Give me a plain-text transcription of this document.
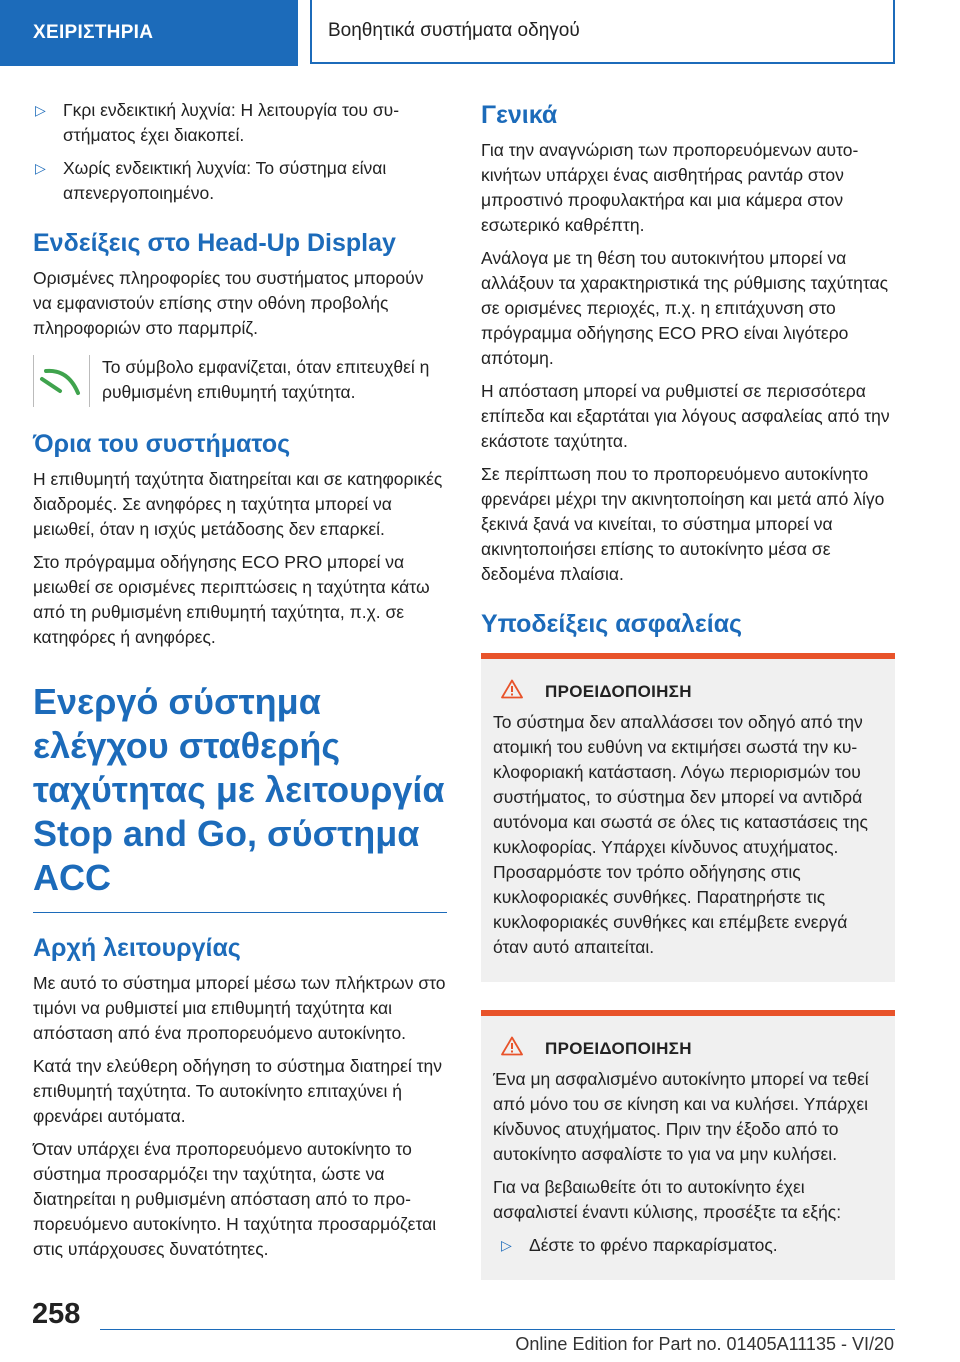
ΧΕΙΡΙΣΤΗΡΙΑ	Βοηθητικά συστήματα οδηγού
▷ Γκρι ενδεικτική λυχνία: Η λειτουργία του συστήματος έχει διακοπεί.
▷ Χωρίς ενδεικτική λυχνία: Το σύστημα είναι απενεργοποιημένο.
Ενδείξεις στο Head-Up Display

Ορισμένες πληροφορίες του συστήματος μπορούν να εμφανιστούν επίσης στην οθόνη προβολής πληροφοριών στο παρμπρίζ.

Το σύμβολο εμφανίζεται, όταν επιτευχθεί η ρυθμισμένη επιθυμητή ταχύτητα.
Όρια του συστήματος

Η επιθυμητή ταχύτητα διατηρείται και σε κατηφορικές διαδρομές. Σε ανηφόρες η ταχύτητα μπορεί να μειωθεί, όταν η ισχύς μετάδοσης δεν επαρκεί.

Στο πρόγραμμα οδήγησης ECO PRO μπορεί να μειωθεί σε ορισμένες περιπτώσεις η ταχύτητα κάτω από τη ρυθμισμένη επιθυμητή ταχύτητα, π.χ. σε κατηφόρες ή ανηφόρες.

Ενεργό σύστημα ελέγχου σταθερής ταχύτητας με λειτουργία Stop and Go, σύστημα ACC
Αρχή λειτουργίας

Με αυτό το σύστημα μπορεί μέσω των πλήκτρων στο τιμόνι να ρυθμιστεί μια επιθυμητή ταχύτητα και απόσταση από ένα προπορευόμενο αυτοκίνητο.

Κατά την ελεύθερη οδήγηση το σύστημα διατηρεί την επιθυμητή ταχύτητα. Το αυτοκίνητο επιταχύνει ή φρενάρει αυτόματα.

Όταν υπάρχει ένα προπορευόμενο αυτοκίνητο το σύστημα προσαρμόζει την ταχύτητα, ώστε να διατηρείται η ρυθμισμένη απόσταση από το προπορευόμενο αυτοκίνητο. Η ταχύτητα προσαρμόζεται στις υπάρχουσες δυνατότητες.

Γενικά

Για την αναγνώριση των προπορευόμενων αυτοκινήτων υπάρχει ένας αισθητήρας ραντάρ στον μπροστινό προφυλακτήρα και μια κάμερα στον εσωτερικό καθρέπτη.

Ανάλογα με τη θέση του αυτοκινήτου μπορεί να αλλάξουν τα χαρακτηριστικά της ρύθμισης ταχύτητας σε ορισμένες περιοχές, π.χ. η επιτάχυνση στο πρόγραμμα οδήγησης ECO PRO είναι λιγότερο απότομη.

Η απόσταση μπορεί να ρυθμιστεί σε περισσότερα επίπεδα και εξαρτάται για λόγους ασφαλείας από την εκάστοτε ταχύτητα.

Σε περίπτωση που το προπορευόμενο αυτοκίνητο φρενάρει μέχρι την ακινητοποίηση και μετά από λίγο ξεκινά ξανά να κινείται, το σύστημα μπορεί να ακινητοποιήσει επίσης το αυτοκίνητο μέσα σε δεδομένα πλαίσια.

Υποδείξεις ασφαλείας
ΠΡΟΕΙΔΟΠΟΙΗΣΗ

Το σύστημα δεν απαλλάσσει τον οδηγό από την ατομική του ευθύνη να εκτιμήσει σωστά την κυκλοφοριακή κατάσταση. Λόγω περιορισμών του συστήματος, το σύστημα δεν μπορεί να αντιδρά αυτόνομα και σωστά σε όλες τις καταστάσεις της κυκλοφορίας. Υπάρχει κίνδυνος ατυχήματος. Προσαρμόστε τον τρόπο οδήγησης στις κυκλοφοριακές συνθήκες. Παρατηρήστε τις κυκλοφοριακές συνθήκες και επέμβετε ενεργά όταν αυτό απαιτείται.

ΠΡΟΕΙΔΟΠΟΙΗΣΗ

Ένα μη ασφαλισμένο αυτοκίνητο μπορεί να τεθεί από μόνο του σε κίνηση και να κυλήσει. Υπάρχει κίνδυνος ατυχήματος. Πριν την έξοδο από το αυτοκίνητο ασφαλίστε το για να μην κυλήσει.

Για να βεβαιωθείτε ότι το αυτοκίνητο έχει ασφαλιστεί έναντι κύλισης, προσέξτε τα εξής:

▷ Δέστε το φρένο παρκαρίσματος.
258
Online Edition for Part no. 01405A11135 - VI/20
